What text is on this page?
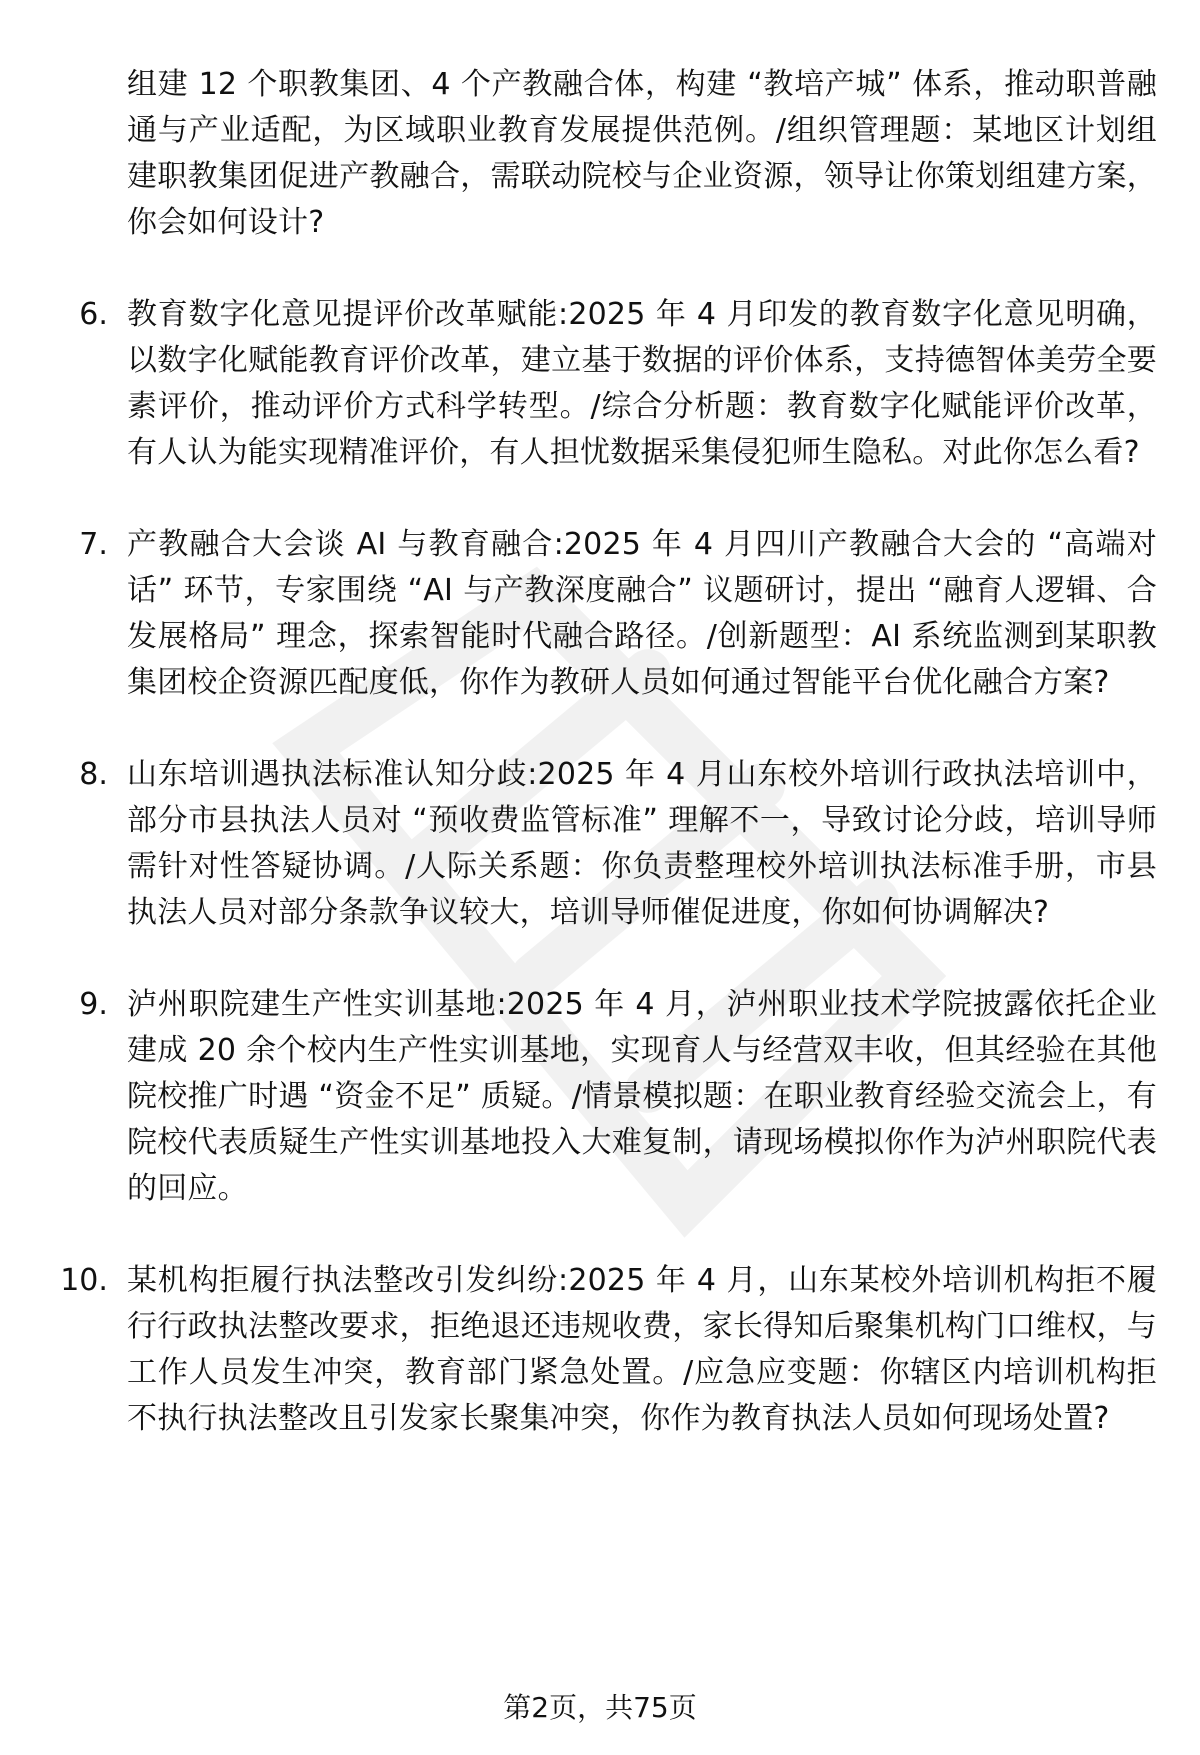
组建 12 个职教集团、4 个产教融合体，构建 “教培产城” 体系，推动职普融通与产业适配，为区域职业教育发展提供范例。/组织管理题：某地区计划组建职教集团促进产教融合，需联动院校与企业资源，领导让你策划组建方案，你会如何设计?
6. 教育数字化意见提评价改革赋能:2025 年 4 月印发的教育数字化意见明确，以数字化赋能教育评价改革，建立基于数据的评价体系，支持德智体美劳全要素评价，推动评价方式科学转型。/综合分析题：教育数字化赋能评价改革，有人认为能实现精准评价，有人担忧数据采集侵犯师生隐私。对此你怎么看?
7. 产教融合大会谈 AI 与教育融合:2025 年 4 月四川产教融合大会的 “高端对话” 环节，专家围绕 “AI 与产教深度融合” 议题研讨，提出 “融育人逻辑、合发展格局” 理念，探索智能时代融合路径。/创新题型：AI 系统监测到某职教集团校企资源匹配度低，你作为教研人员如何通过智能平台优化融合方案?
8. 山东培训遇执法标准认知分歧:2025 年 4 月山东校外培训行政执法培训中，部分市县执法人员对 “预收费监管标准” 理解不一，导致讨论分歧，培训导师需针对性答疑协调。/人际关系题：你负责整理校外培训执法标准手册，市县执法人员对部分条款争议较大，培训导师催促进度，你如何协调解决?
9. 泸州职院建生产性实训基地:2025 年 4 月，泸州职业技术学院披露依托企业建成 20 余个校内生产性实训基地，实现育人与经营双丰收，但其经验在其他院校推广时遇 “资金不足” 质疑。/情景模拟题：在职业教育经验交流会上，有院校代表质疑生产性实训基地投入大难复制，请现场模拟你作为泸州职院代表的回应。
10. 某机构拒履行执法整改引发纠纷:2025 年 4 月，山东某校外培训机构拒不履行行政执法整改要求，拒绝退还违规收费，家长得知后聚集机构门口维权，与工作人员发生冲突，教育部门紧急处置。/应急应变题：你辖区内培训机构拒不执行执法整改且引发家长聚集冲突，你作为教育执法人员如何现场处置?
第2页，共75页
